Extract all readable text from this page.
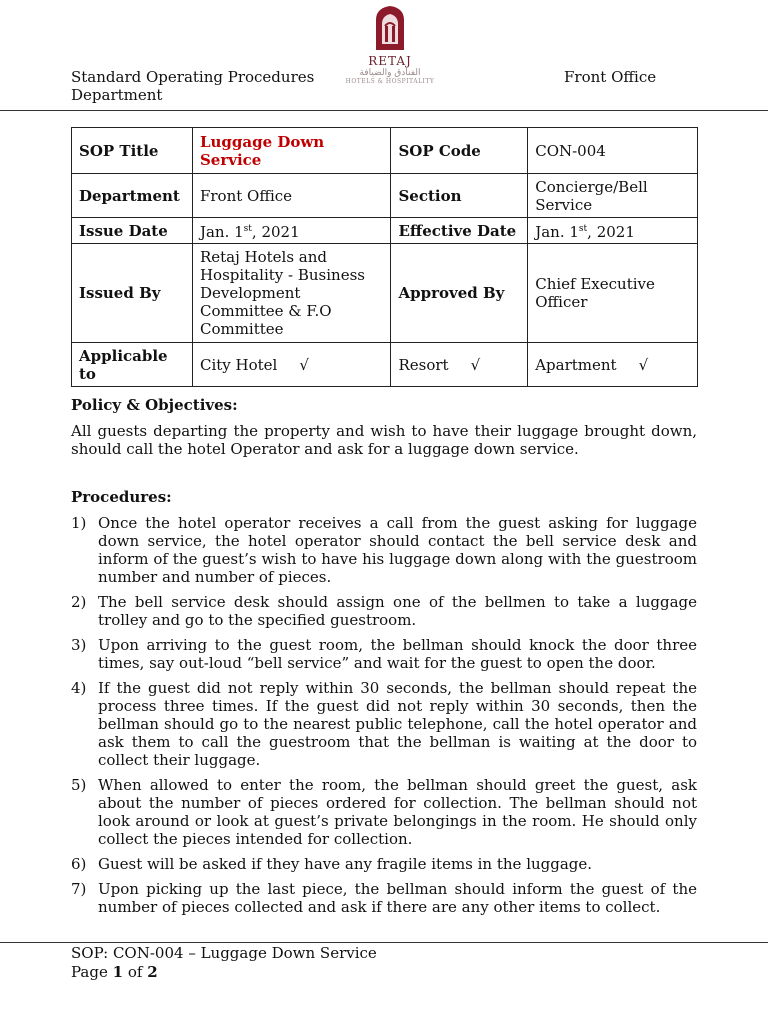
Standard Operating Procedures
Department
RETAJ
الفنادق والضيافة
HOTELS & HOSPITALITY	Front Office
SOP Title	Luggage Down Service	SOP Code	CON-004
Department	Front Office	Section	Concierge/Bell Service
Issue Date	Jan. 1st, 2021	Effective Date	Jan. 1st, 2021
Issued By	Retaj Hotels and Hospitality - Business Development Committee & F.O Committee	Approved By	Chief Executive Officer
Applicable to	City Hotel √	Resort √	Apartment √

Policy & Objectives:

All guests departing the property and wish to have their luggage brought down, should call the hotel Operator and ask for a luggage down service.

Procedures:

1) Once the hotel operator receives a call from the guest asking for luggage down service, the hotel operator should contact the bell service desk and inform of the guest’s wish to have his luggage down along with the guestroom number and number of pieces.
2) The bell service desk should assign one of the bellmen to take a luggage trolley and go to the specified guestroom.
3) Upon arriving to the guest room, the bellman should knock the door three times, say out-loud “bell service” and wait for the guest to open the door.
4) If the guest did not reply within 30 seconds, the bellman should repeat the process three times. If the guest did not reply within 30 seconds, then the bellman should go to the nearest public telephone, call the hotel operator and ask them to call the guestroom that the bellman is waiting at the door to collect their luggage.
5) When allowed to enter the room, the bellman should greet the guest, ask about the number of pieces ordered for collection. The bellman should not look around or look at guest’s private belongings in the room. He should only collect the pieces intended for collection.
6) Guest will be asked if they have any fragile items in the luggage.
7) Upon picking up the last piece, the bellman should inform the guest of the number of pieces collected and ask if there are any other items to collect.
SOP: CON-004 – Luggage Down Service
Page 1 of 2
